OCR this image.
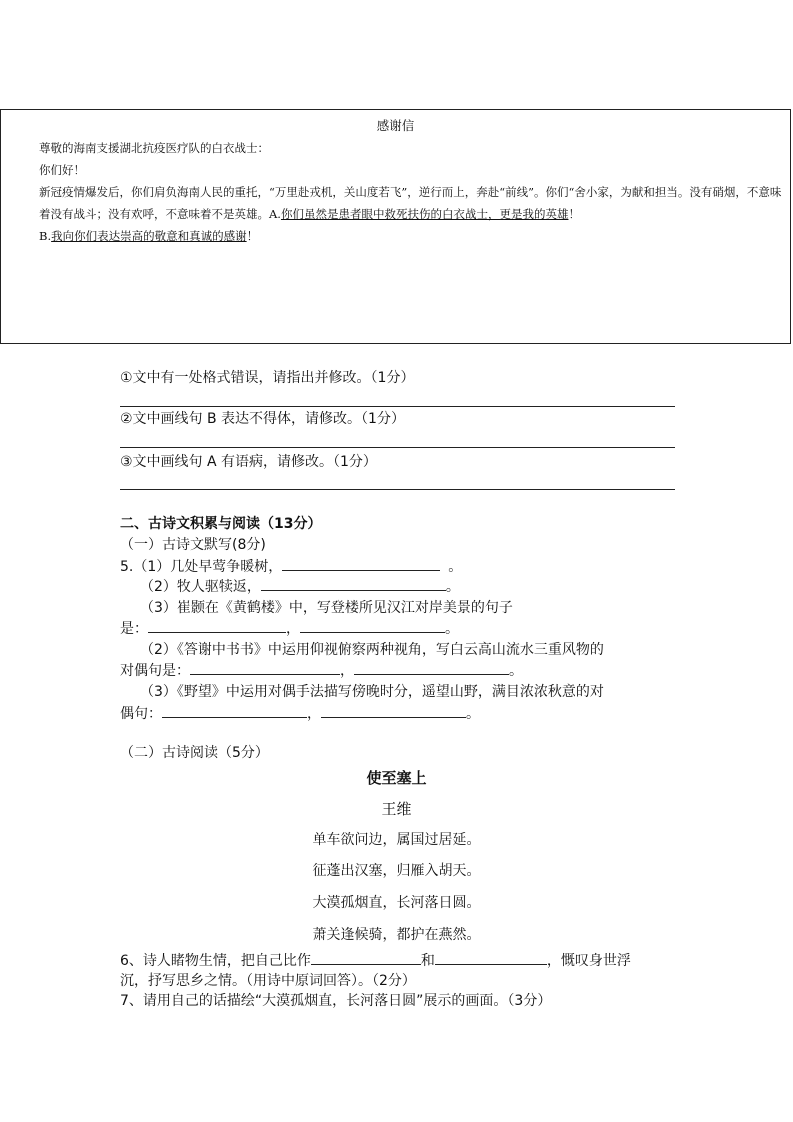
感谢信
尊敬的海南支援湖北抗疫医疗队的白衣战士：
你们好！
新冠疫情爆发后，你们肩负海南人民的重托，“万里赴戎机，关山度若飞”，逆行而上，奔赴“前线”。你们“舍小家，为献和担当。没有硝烟，不意味着没有战斗；没有欢呼，不意味着不是英雄。A.你们虽然是患者眼中救死扶伤的白衣战士，更是我的英雄！
B.我向你们表达崇高的敬意和真诚的感谢！
①文中有一处格式错误，请指出并修改。（1分）
②文中画线句 B 表达不得体，请修改。（1分）
③文中画线句 A 有语病，请修改。（1分）
二、古诗文积累与阅读（13分）
（一）古诗文默写(8分)
5.（1）几处早莺争暖树，	。
（2）牧人驱犊返，	。
（3）崔颢在《黄鹤楼》中，写登楼所见汉江对岸美景的句子
是：	，	。
（2）《答谢中书书》中运用仰视俯察两种视角，写白云高山流水三重风物的
对偶句是：	，	。
（3）《野望》中运用对偶手法描写傍晚时分，遥望山野，满目浓浓秋意的对
偶句：	，	。
（二）古诗阅读（5分）
使至塞上
王维
单车欲问边，属国过居延。
征蓬出汉塞，归雁入胡天。
大漠孤烟直，长河落日圆。
萧关逢候骑，都护在燕然。
6、诗人睹物生情，把自己比作	和	，慨叹身世浮
沉，抒写思乡之情。（用诗中原词回答）。（2分）
7、请用自己的话描绘“大漠孤烟直，长河落日圆”展示的画面。（3分）
